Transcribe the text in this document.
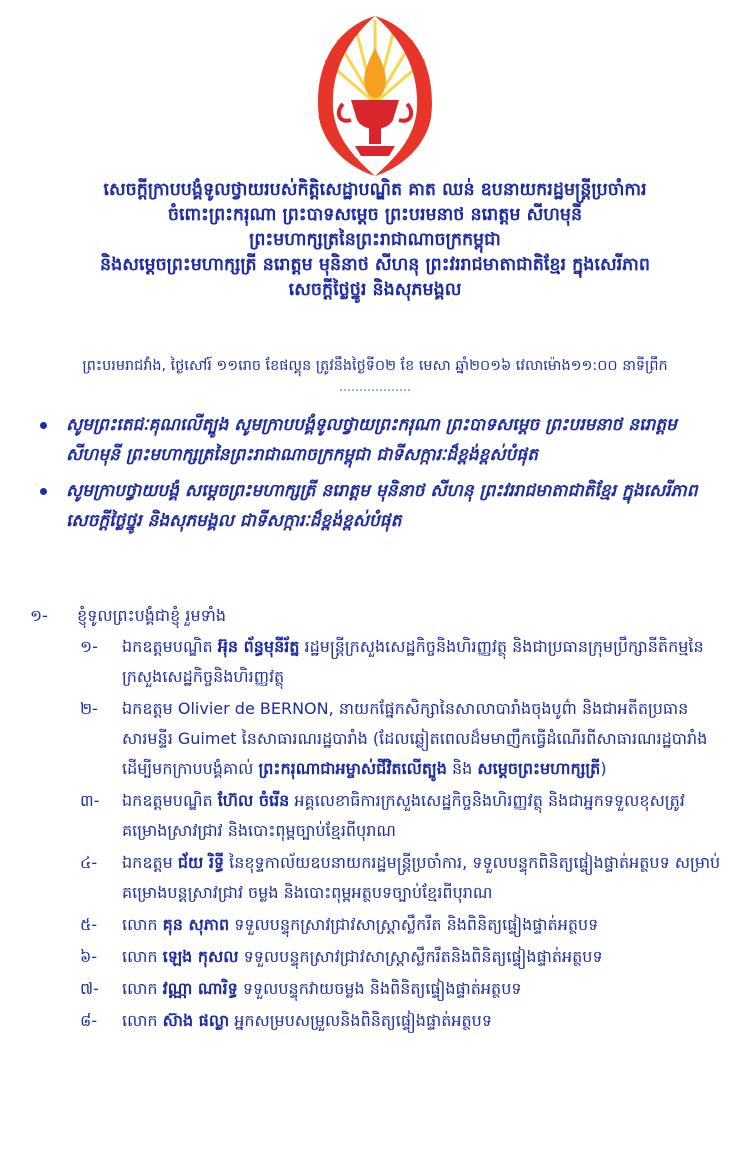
សេចក្តីក្រាបបង្គំទូលថ្វាយរបស់កិត្តិសេដ្ឋាបណ្ឌិត គាត ឈន់ ឧបនាយករដ្ឋមន្ត្រីប្រចាំការ
ចំពោះព្រះករុណា ព្រះបាទសម្តេច ព្រះបរមនាថ នរោត្តម សីហមុនី
ព្រះមហាក្សត្រនៃព្រះរាជាណាចក្រកម្ពុជា
និងសម្តេចព្រះមហាក្សត្រី នរោត្តម មុនិនាថ សីហនុ ព្រះវររាជមាតាជាតិខ្មែរ ក្នុងសេរីភាព
សេចក្តីថ្លៃថ្នូរ និងសុភមង្គល
ព្រះបរមរាជវាំង, ថ្ងៃសៅរ៍ ១១រោច ខែផល្គុន ត្រូវនឹងថ្ងៃទី០២ ខែ មេសា ឆ្នាំ២០១៦ វេលាម៉ោង១១:០០ នាទីព្រឹក
សូមព្រះតេជៈគុណលើត្បូង សូមក្រាបបង្គំទូលថ្វាយព្រះករុណា ព្រះបាទសម្តេច ព្រះបរមនាថ នរោត្តម សីហមុនី ព្រះមហាក្សត្រនៃព្រះរាជាណាចក្រកម្ពុជា ជាទីសក្ការៈដ៏ខ្ពង់ខ្ពស់បំផុត
សូមក្រាបថ្វាយបង្គំ សម្តេចព្រះមហាក្សត្រី នរោត្តម មុនិនាថ សីហនុ ព្រះវររាជមាតាជាតិខ្មែរ ក្នុងសេរីភាព សេចក្តីថ្លៃថ្នូរ និងសុភមង្គល ជាទីសក្ការៈដ៏ខ្ពង់ខ្ពស់បំផុត
១- ខ្ញុំទូលព្រះបង្គំជាខ្ញុំ រួមទាំង
១- ឯកឧត្តមបណ្ឌិត អ៊ុន ព័ន្ធមុនីរ័ត្ន រដ្ឋមន្ត្រីក្រសួងសេដ្ឋកិច្ចនិងហិរញ្ញវត្ថុ និងជាប្រធានក្រុមប្រឹក្សានីតិកម្មនៃក្រសួងសេដ្ឋកិច្ចនិងហិរញ្ញវត្ថុ
២- ឯកឧត្តម Olivier de BERNON, នាយកផ្នែកសិក្សានៃសាលាបារាំងចុងបូព៌ា និងជាអតីតប្រធានសារមន្ទីរ Guimet នៃសាធារណរដ្ឋបារាំង (ដែលឆ្លៀតពេលដ៏មមាញឹកធ្វើដំណើរពីសាធារណរដ្ឋបារាំង ដើម្បីមកក្រាបបង្គំគាល់ ព្រះករុណាជាអម្ចាស់ជីវិតលើត្បូង និង សម្តេចព្រះមហាក្សត្រី)
៣- ឯកឧត្តមបណ្ឌិត ហ៊ែល ចំរើន អគ្គលេខាធិការក្រសួងសេដ្ឋកិច្ចនិងហិរញ្ញវត្ថុ និងជាអ្នកទទួលខុសត្រូវគម្រោងស្រាវជ្រាវ និងបោះពុម្ពច្បាប់ខ្មែរពីបុរាណ
៤- ឯកឧត្តម ជ័យ រិទ្ធី នៃខុទ្ទកាល័យឧបនាយករដ្ឋមន្ត្រីប្រចាំការ, ទទួលបន្ទុកពិនិត្យផ្ទៀងផ្ទាត់អត្ថបទ សម្រាប់គម្រោងបន្តស្រាវជ្រាវ ចម្លង និងបោះពុម្ពអត្ថបទច្បាប់ខ្មែរពីបុរាណ
៥- លោក គុន សុភាព ទទួលបន្ទុកស្រាវជ្រាវសាស្ត្រាស្លឹករឹត និងពិនិត្យផ្ទៀងផ្ទាត់អត្ថបទ
៦- លោក ឡេង កុសល ទទួលបន្ទុកស្រាវជ្រាវសាស្ត្រាស្លឹករឹតនិងពិនិត្យផ្ទៀងផ្ទាត់អត្ថបទ
៧- លោក វណ្ណា ណារិទ្ធ ទទួលបន្ទុកវាយចម្លង និងពិនិត្យផ្ទៀងផ្ទាត់អត្ថបទ
៨- លោក ស៊ាង ផល្លា អ្នកសម្របសម្រួលនិងពិនិត្យផ្ទៀងផ្ទាត់អត្ថបទ
